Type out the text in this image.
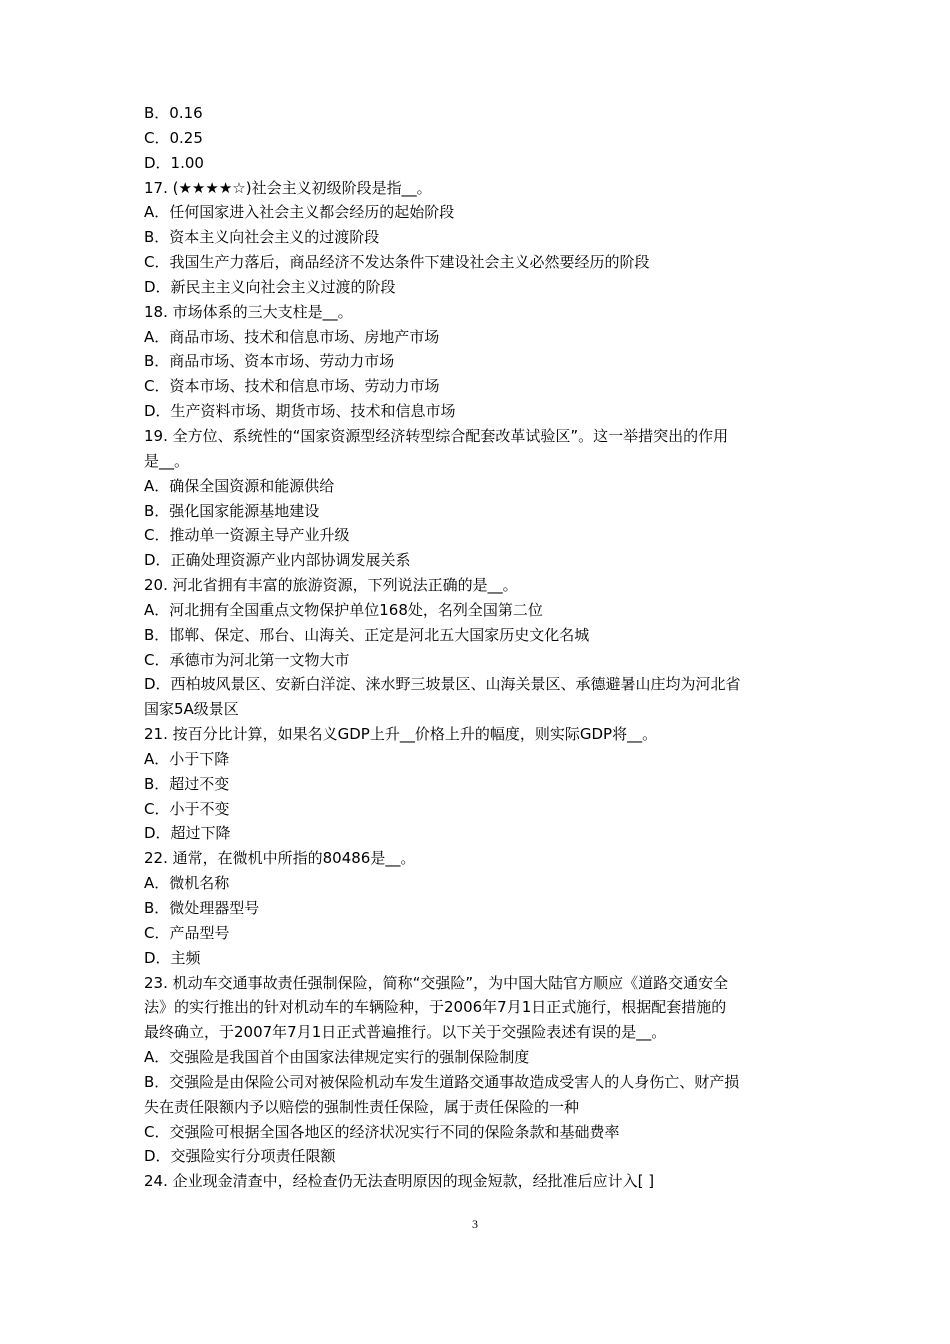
B．0.16
C．0.25
D．1.00
17. (★★★★☆)社会主义初级阶段是指__。
A．任何国家进入社会主义都会经历的起始阶段
B．资本主义向社会主义的过渡阶段
C．我国生产力落后，商品经济不发达条件下建设社会主义必然要经历的阶段
D．新民主主义向社会主义过渡的阶段
18. 市场体系的三大支柱是__。
A．商品市场、技术和信息市场、房地产市场
B．商品市场、资本市场、劳动力市场
C．资本市场、技术和信息市场、劳动力市场
D．生产资料市场、期货市场、技术和信息市场
19. 全方位、系统性的“国家资源型经济转型综合配套改革试验区”。这一举措突出的作用
是__。
A．确保全国资源和能源供给
B．强化国家能源基地建设
C．推动单一资源主导产业升级
D．正确处理资源产业内部协调发展关系
20. 河北省拥有丰富的旅游资源，下列说法正确的是__。
A．河北拥有全国重点文物保护单位168处，名列全国第二位
B．邯郸、保定、邢台、山海关、正定是河北五大国家历史文化名城
C．承德市为河北第一文物大市
D．西柏坡风景区、安新白洋淀、涞水野三坡景区、山海关景区、承德避暑山庄均为河北省
国家5A级景区
21. 按百分比计算，如果名义GDP上升__价格上升的幅度，则实际GDP将__。
A．小于下降
B．超过不变
C．小于不变
D．超过下降
22. 通常，在微机中所指的80486是__。
A．微机名称
B．微处理器型号
C．产品型号
D．主频
23. 机动车交通事故责任强制保险，简称“交强险”，为中国大陆官方顺应《道路交通安全
法》的实行推出的针对机动车的车辆险种，于2006年7月1日正式施行，根据配套措施的
最终确立，于2007年7月1日正式普遍推行。以下关于交强险表述有误的是__。
A．交强险是我国首个由国家法律规定实行的强制保险制度
B．交强险是由保险公司对被保险机动车发生道路交通事故造成受害人的人身伤亡、财产损
失在责任限额内予以赔偿的强制性责任保险，属于责任保险的一种
C．交强险可根据全国各地区的经济状况实行不同的保险条款和基础费率
D．交强险实行分项责任限额
24. 企业现金清查中，经检查仍无法查明原因的现金短款，经批准后应计入[ ]
3
